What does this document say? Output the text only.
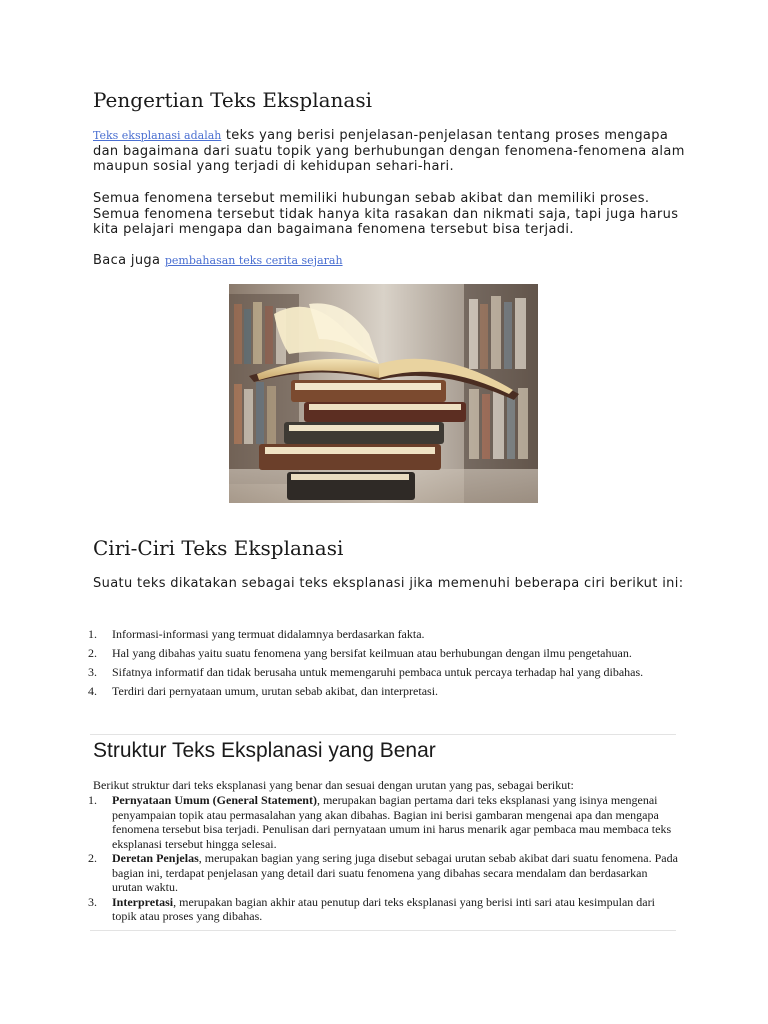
Pengertian Teks Eksplanasi

Teks eksplanasi adalah teks yang berisi penjelasan-penjelasan tentang proses mengapa dan bagaimana dari suatu topik yang berhubungan dengan fenomena-fenomena alam maupun sosial yang terjadi di kehidupan sehari-hari.

Semua fenomena tersebut memiliki hubungan sebab akibat dan memiliki proses. Semua fenomena tersebut tidak hanya kita rasakan dan nikmati saja, tapi juga harus kita pelajari mengapa dan bagaimana fenomena tersebut bisa terjadi.

Baca juga pembahasan teks cerita sejarah

Ciri-Ciri Teks Eksplanasi

Suatu teks dikatakan sebagai teks eksplanasi jika memenuhi beberapa ciri berikut ini:

1. Informasi-informasi yang termuat didalamnya berdasarkan fakta.
2. Hal yang dibahas yaitu suatu fenomena yang bersifat keilmuan atau berhubungan dengan ilmu pengetahuan.
3. Sifatnya informatif dan tidak berusaha untuk memengaruhi pembaca untuk percaya terhadap hal yang dibahas.
4. Terdiri dari pernyataan umum, urutan sebab akibat, dan interpretasi.
Struktur Teks Eksplanasi yang Benar

Berikut struktur dari teks eksplanasi yang benar dan sesuai dengan urutan yang pas, sebagai berikut:

1. Pernyataan Umum (General Statement), merupakan bagian pertama dari teks eksplanasi yang isinya mengenai penyampaian topik atau permasalahan yang akan dibahas. Bagian ini berisi gambaran mengenai apa dan mengapa fenomena tersebut bisa terjadi. Penulisan dari pernyataan umum ini harus menarik agar pembaca mau membaca teks eksplanasi tersebut hingga selesai.
2. Deretan Penjelas, merupakan bagian yang sering juga disebut sebagai urutan sebab akibat dari suatu fenomena. Pada bagian ini, terdapat penjelasan yang detail dari suatu fenomena yang dibahas secara mendalam dan berdasarkan urutan waktu.
3. Interpretasi, merupakan bagian akhir atau penutup dari teks eksplanasi yang berisi inti sari atau kesimpulan dari topik atau proses yang dibahas.
